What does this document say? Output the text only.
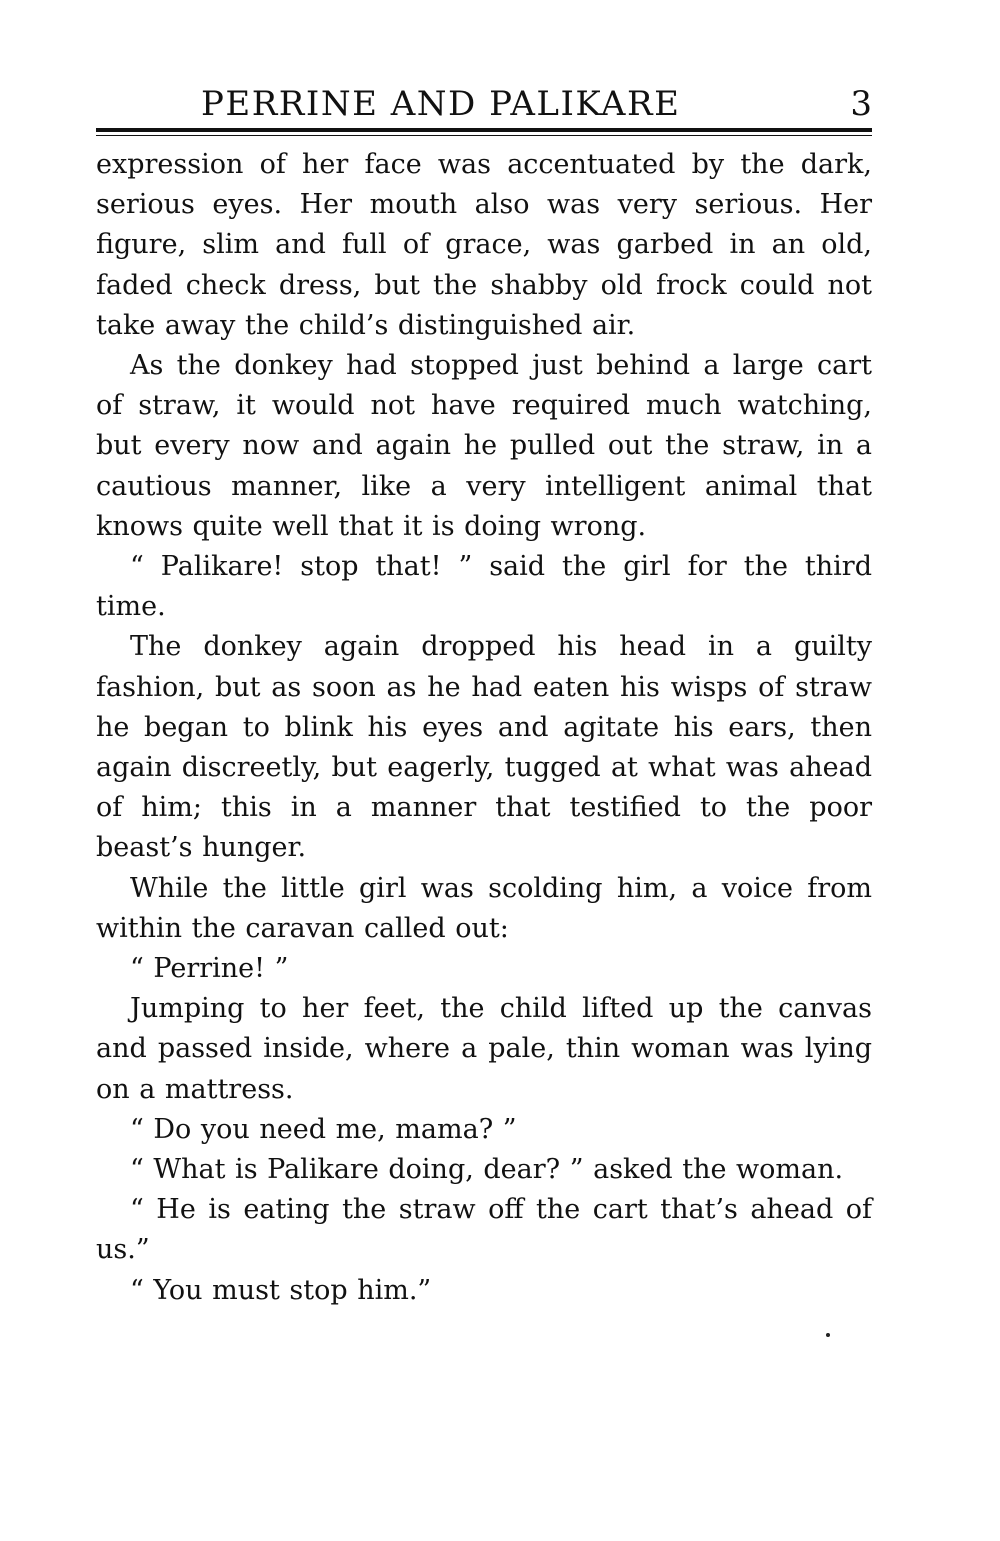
PERRINE AND PALIKARE	3

expression of her face was accentuated by the dark, serious eyes. Her mouth also was very serious. Her figure, slim and full of grace, was garbed in an old, faded check dress, but the shabby old frock could not take away the child’s distinguished air.

As the donkey had stopped just behind a large cart of straw, it would not have required much watching, but every now and again he pulled out the straw, in a cautious manner, like a very intelligent animal that knows quite well that it is doing wrong.

“ Palikare! stop that! ” said the girl for the third time.

The donkey again dropped his head in a guilty fashion, but as soon as he had eaten his wisps of straw he began to blink his eyes and agitate his ears, then again discreetly, but eagerly, tugged at what was ahead of him; this in a manner that testified to the poor beast’s hunger.

While the little girl was scolding him, a voice from within the caravan called out:

“ Perrine! ”

Jumping to her feet, the child lifted up the canvas and passed inside, where a pale, thin woman was lying on a mattress.

“ Do you need me, mama? ”

“ What is Palikare doing, dear? ” asked the woman.

“ He is eating the straw off the cart that’s ahead of us.”

“ You must stop him.”
